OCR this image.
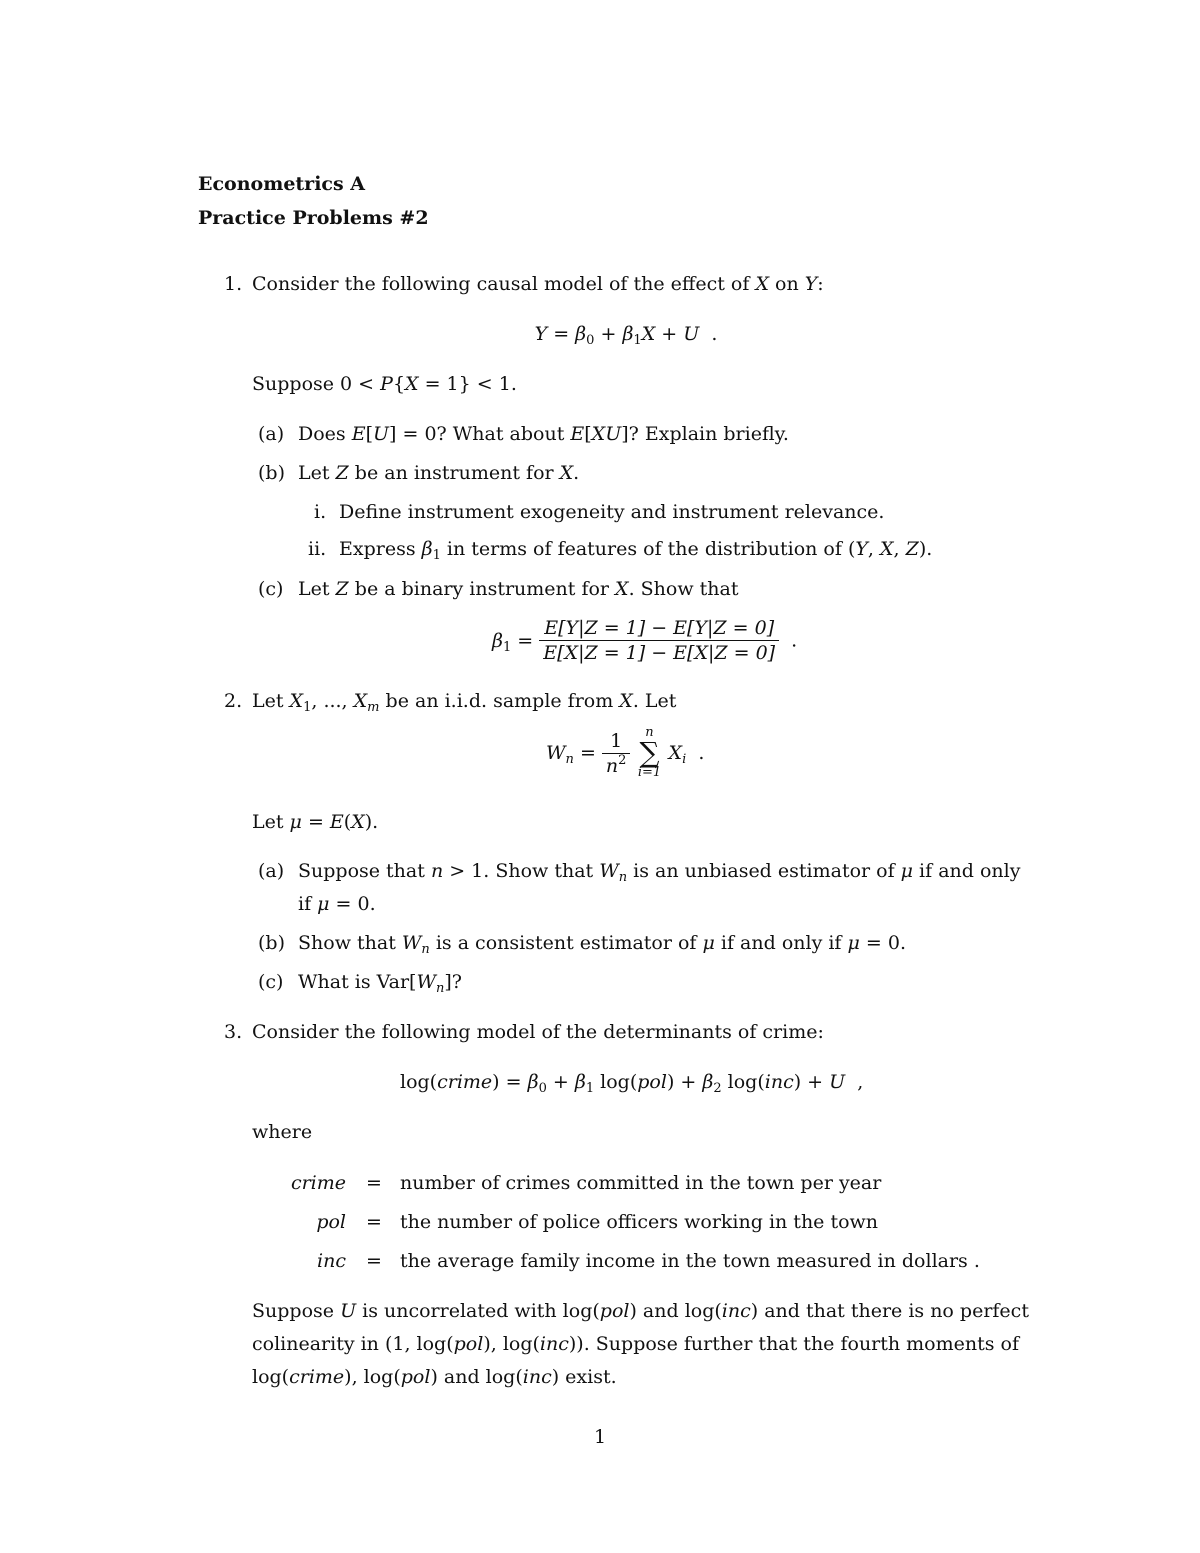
Econometrics A
Practice Problems #2
1. Consider the following causal model of the effect of X on Y:
$Y = \beta_0 + \beta_1X + U$  .
Suppose 0 < P{X = 1} < 1.
(a) Does E[U] = 0? What about E[XU]? Explain briefly.
(b) Let Z be an instrument for X.
i. Define instrument exogeneity and instrument relevance.
ii. Express $\beta_1$ in terms of features of the distribution of (Y, X, Z).
(c) Let Z be a binary instrument for X. Show that
$\beta_1 = \frac{E[Y|Z = 1] - E[Y|Z = 0]}{E[X|Z = 1] - E[X|Z = 0]}$ .
2. Let $X_1$, ..., $X_m$ be an i.i.d. sample from X. Let
$W_n = \frac{1}{n^2}$
	n
∑
i=1
$X_i$  .
Let μ = E(X).
(a) Suppose that n > 1. Show that $W_n$ is an unbiased estimator of μ if and only
if μ = 0.
(b) Show that $W_n$ is a consistent estimator of μ if and only if μ = 0.
(c) What is $Var[W_n]$?
3. Consider the following model of the determinants of crime:
log(crime) = $\beta_0 + \beta_1$ $\log(pol) + \beta_2$ log(inc) + U  ,
where
crime = number of crimes committed in the town per year
pol = the number of police officers working in the town
inc = the average family income in the town measured in dollars .
Suppose U is uncorrelated with log(pol) and log(inc) and that there is no perfect
colinearity in (1, log(pol), log(inc)). Suppose further that the fourth moments of
log(crime), log(pol) and log(inc) exist.
1
